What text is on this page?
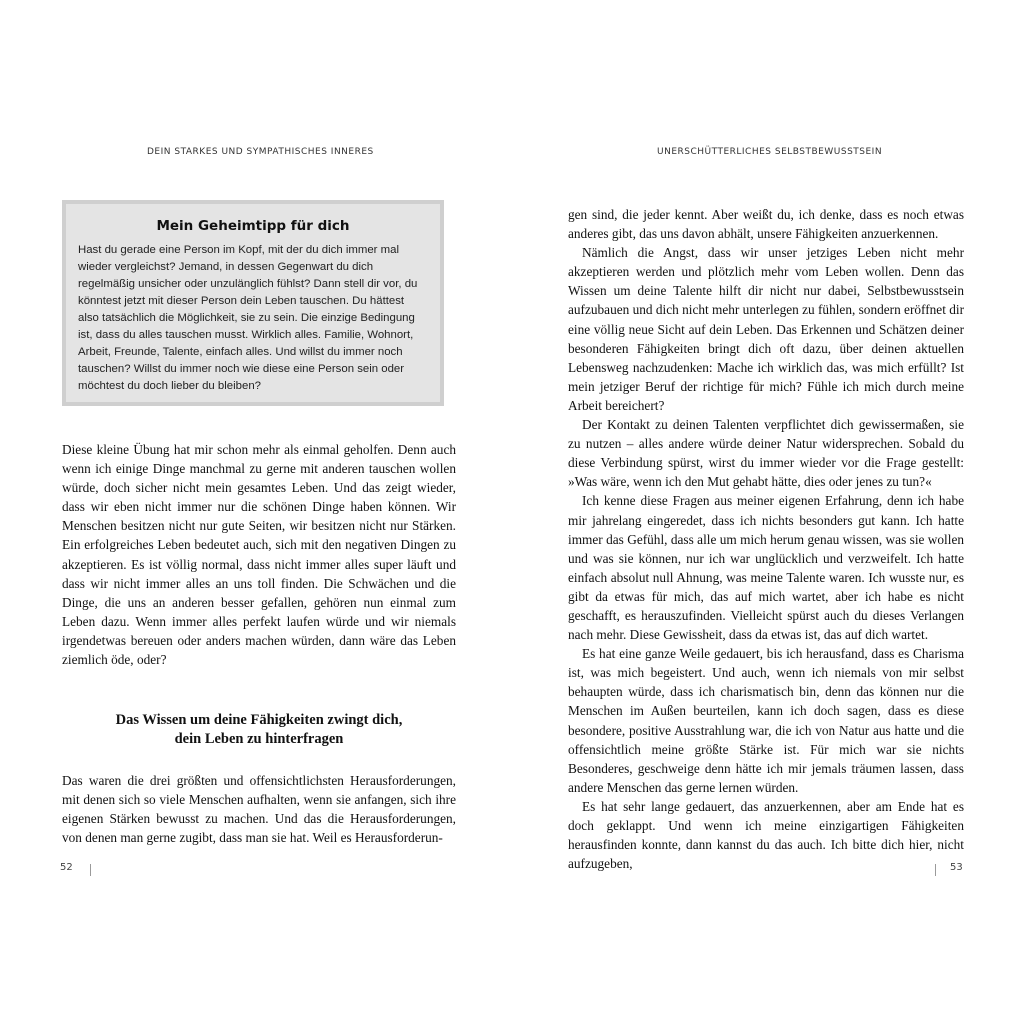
DEIN STARKES UND SYMPATHISCHES INNERES	UNERSCHÜTTERLICHES SELBSTBEWUSSTSEIN
Mein Geheimtipp für dich

Hast du gerade eine Person im Kopf, mit der du dich immer mal wieder vergleichst? Jemand, in dessen Gegenwart du dich regelmäßig unsicher oder unzulänglich fühlst? Dann stell dir vor, du könntest jetzt mit dieser Person dein Leben tauschen. Du hättest also tatsächlich die Möglichkeit, sie zu sein. Die einzige Bedingung ist, dass du alles tauschen musst. Wirklich alles. Familie, Wohnort, Arbeit, Freunde, Talente, einfach alles. Und willst du immer noch tauschen? Willst du immer noch wie diese eine Person sein oder möchtest du doch lieber du bleiben?

Diese kleine Übung hat mir schon mehr als einmal geholfen. Denn auch wenn ich einige Dinge manchmal zu gerne mit anderen tauschen wollen würde, doch sicher nicht mein gesamtes Leben. Und das zeigt wieder, dass wir eben nicht immer nur die schönen Dinge haben können. Wir Menschen besitzen nicht nur gute Seiten, wir besitzen nicht nur Stärken. Ein erfolgreiches Leben bedeutet auch, sich mit den negativen Dingen zu akzeptieren. Es ist völlig normal, dass nicht immer alles super läuft und dass wir nicht immer alles an uns toll finden. Die Schwächen und die Dinge, die uns an anderen besser gefallen, gehören nun einmal zum Leben dazu. Wenn immer alles perfekt laufen würde und wir niemals irgendetwas bereuen oder anders machen würden, dann wäre das Leben ziemlich öde, oder?

Das Wissen um deine Fähigkeiten zwingt dich,
dein Leben zu hinterfragen

Das waren die drei größten und offensichtlichsten Herausforderungen, mit denen sich so viele Menschen aufhalten, wenn sie anfangen, sich ihre eigenen Stärken bewusst zu machen. Und das die Herausforderungen, von denen man gerne zugibt, dass man sie hat. Weil es Herausforderun-

gen sind, die jeder kennt. Aber weißt du, ich denke, dass es noch etwas anderes gibt, das uns davon abhält, unsere Fähigkeiten anzuerkennen.

Nämlich die Angst, dass wir unser jetziges Leben nicht mehr akzeptieren werden und plötzlich mehr vom Leben wollen. Denn das Wissen um deine Talente hilft dir nicht nur dabei, Selbstbewusstsein aufzubauen und dich nicht mehr unterlegen zu fühlen, sondern eröffnet dir eine völlig neue Sicht auf dein Leben. Das Erkennen und Schätzen deiner besonderen Fähigkeiten bringt dich oft dazu, über deinen aktuellen Lebensweg nachzudenken: Mache ich wirklich das, was mich erfüllt? Ist mein jetziger Beruf der richtige für mich? Fühle ich mich durch meine Arbeit bereichert?

Der Kontakt zu deinen Talenten verpflichtet dich gewissermaßen, sie zu nutzen – alles andere würde deiner Natur widersprechen. Sobald du diese Verbindung spürst, wirst du immer wieder vor die Frage gestellt: »Was wäre, wenn ich den Mut gehabt hätte, dies oder jenes zu tun?«

Ich kenne diese Fragen aus meiner eigenen Erfahrung, denn ich habe mir jahrelang eingeredet, dass ich nichts besonders gut kann. Ich hatte immer das Gefühl, dass alle um mich herum genau wissen, was sie wollen und was sie können, nur ich war unglücklich und verzweifelt. Ich hatte einfach absolut null Ahnung, was meine Talente waren. Ich wusste nur, es gibt da etwas für mich, das auf mich wartet, aber ich habe es nicht geschafft, es herauszufinden. Vielleicht spürst auch du dieses Verlangen nach mehr. Diese Gewissheit, dass da etwas ist, das auf dich wartet.

Es hat eine ganze Weile gedauert, bis ich herausfand, dass es Charisma ist, was mich begeistert. Und auch, wenn ich niemals von mir selbst behaupten würde, dass ich charismatisch bin, denn das können nur die Menschen im Außen beurteilen, kann ich doch sagen, dass es diese besondere, positive Ausstrahlung war, die ich von Natur aus hatte und die offensichtlich meine größte Stärke ist. Für mich war sie nichts Besonderes, geschweige denn hätte ich mir jemals träumen lassen, dass andere Menschen das gerne lernen würden.

Es hat sehr lange gedauert, das anzuerkennen, aber am Ende hat es doch geklappt. Und wenn ich meine einzigartigen Fähigkeiten herausfinden konnte, dann kannst du das auch. Ich bitte dich hier, nicht aufzugeben,

52	53
